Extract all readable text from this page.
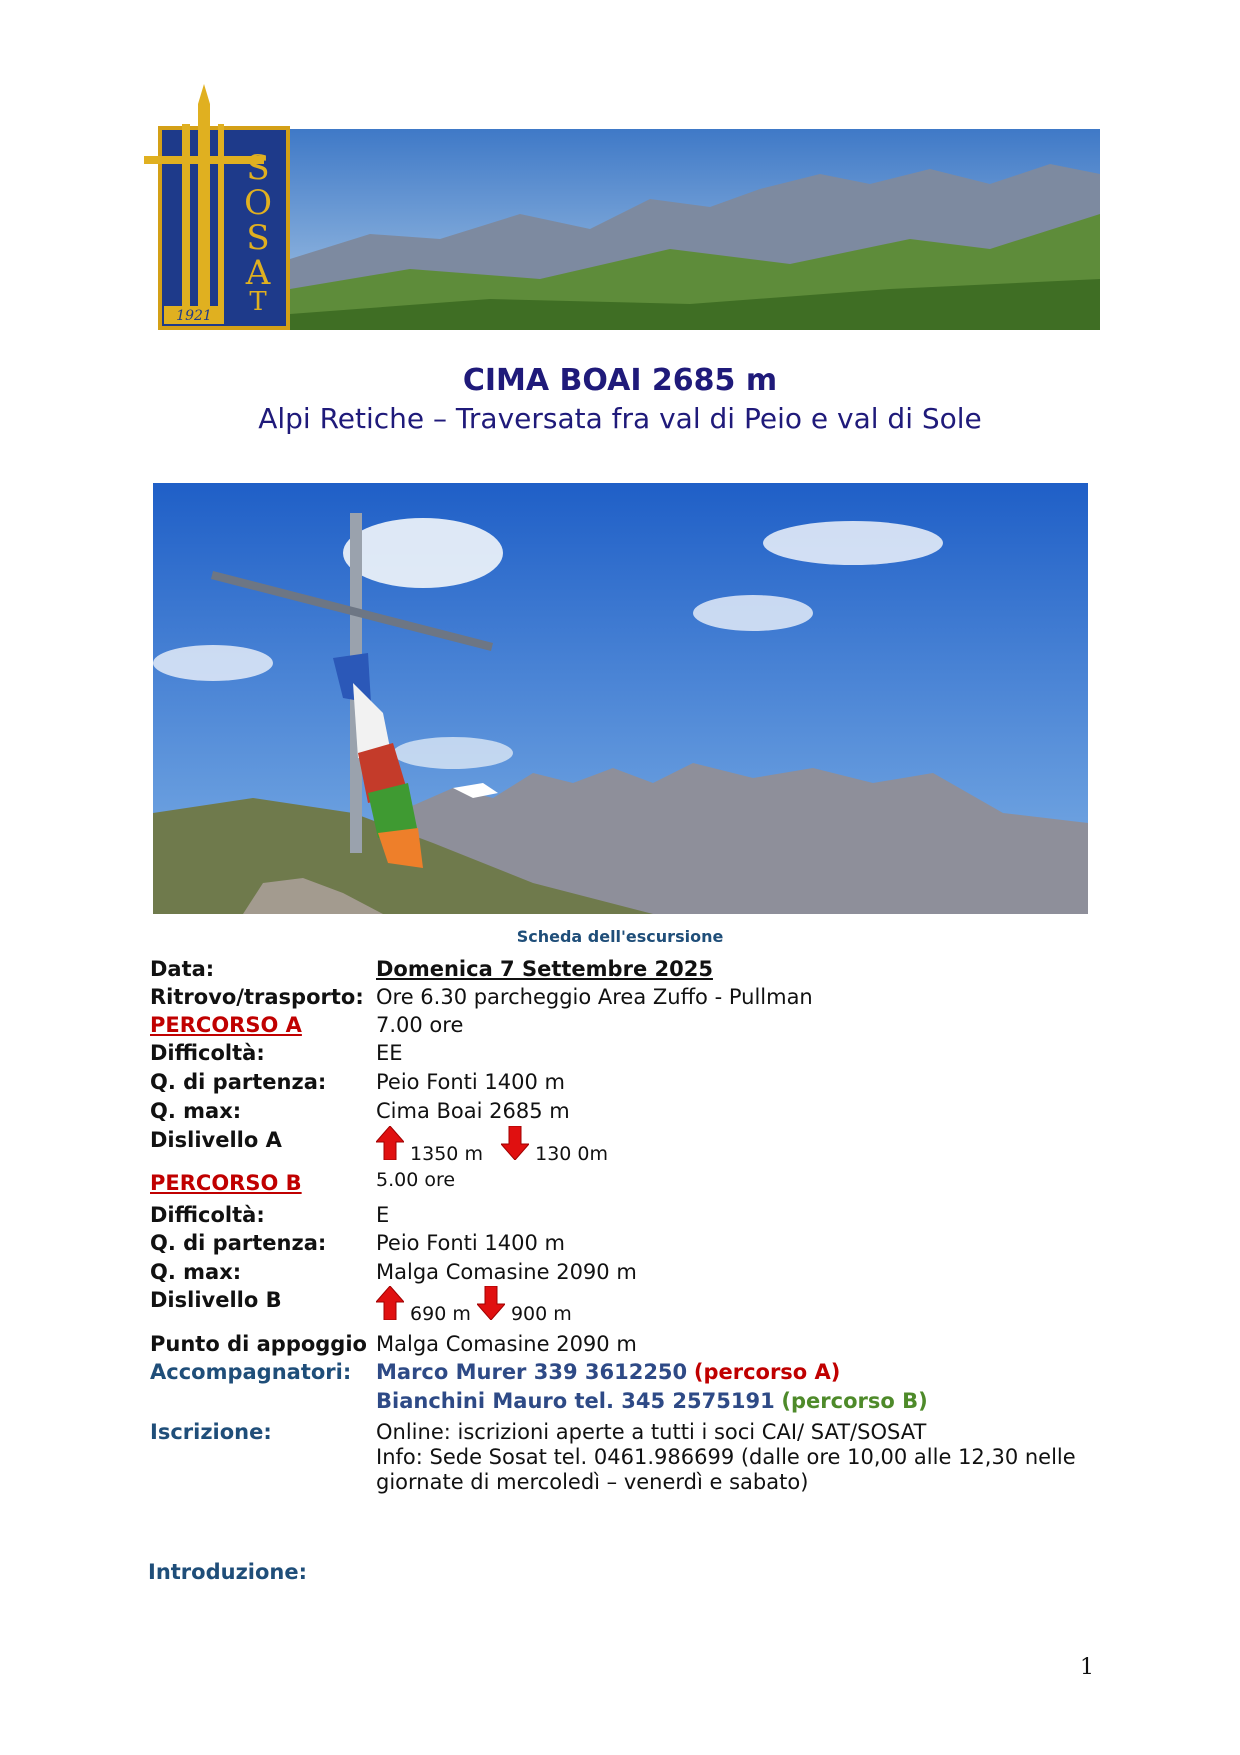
S
O
S
A
T
1921
CIMA BOAI 2685 m
Alpi Retiche – Traversata fra val di Peio e val di Sole
Scheda dell'escursione
Data:	Domenica 7 Settembre 2025
Ritrovo/trasporto: Ore 6.30 parcheggio Area Zuffo - Pullman
PERCORSO A	7.00 ore
Difficoltà:	EE
Q. di partenza: Peio Fonti 1400 m
Q. max:	Cima Boai 2685 m
Dislivello A
1350 m	130 0m
PERCORSO B	5.00 ore
Difficoltà:	E
Q. di partenza: Peio Fonti 1400 m
Q. max:	Malga Comasine 2090 m
Dislivello B
690 m 900 m
Punto di appoggio Malga Comasine 2090 m
Accompagnatori: Marco Murer 339 3612250 (percorso A)
Bianchini Mauro tel. 345 2575191 (percorso B)
Iscrizione:	Online: iscrizioni aperte a tutti i soci CAI/ SAT/SOSAT
Info: Sede Sosat tel. 0461.986699 (dalle ore 10,00 alle 12,30 nelle
giornate di mercoledì – venerdì e sabato)
Introduzione:
1
